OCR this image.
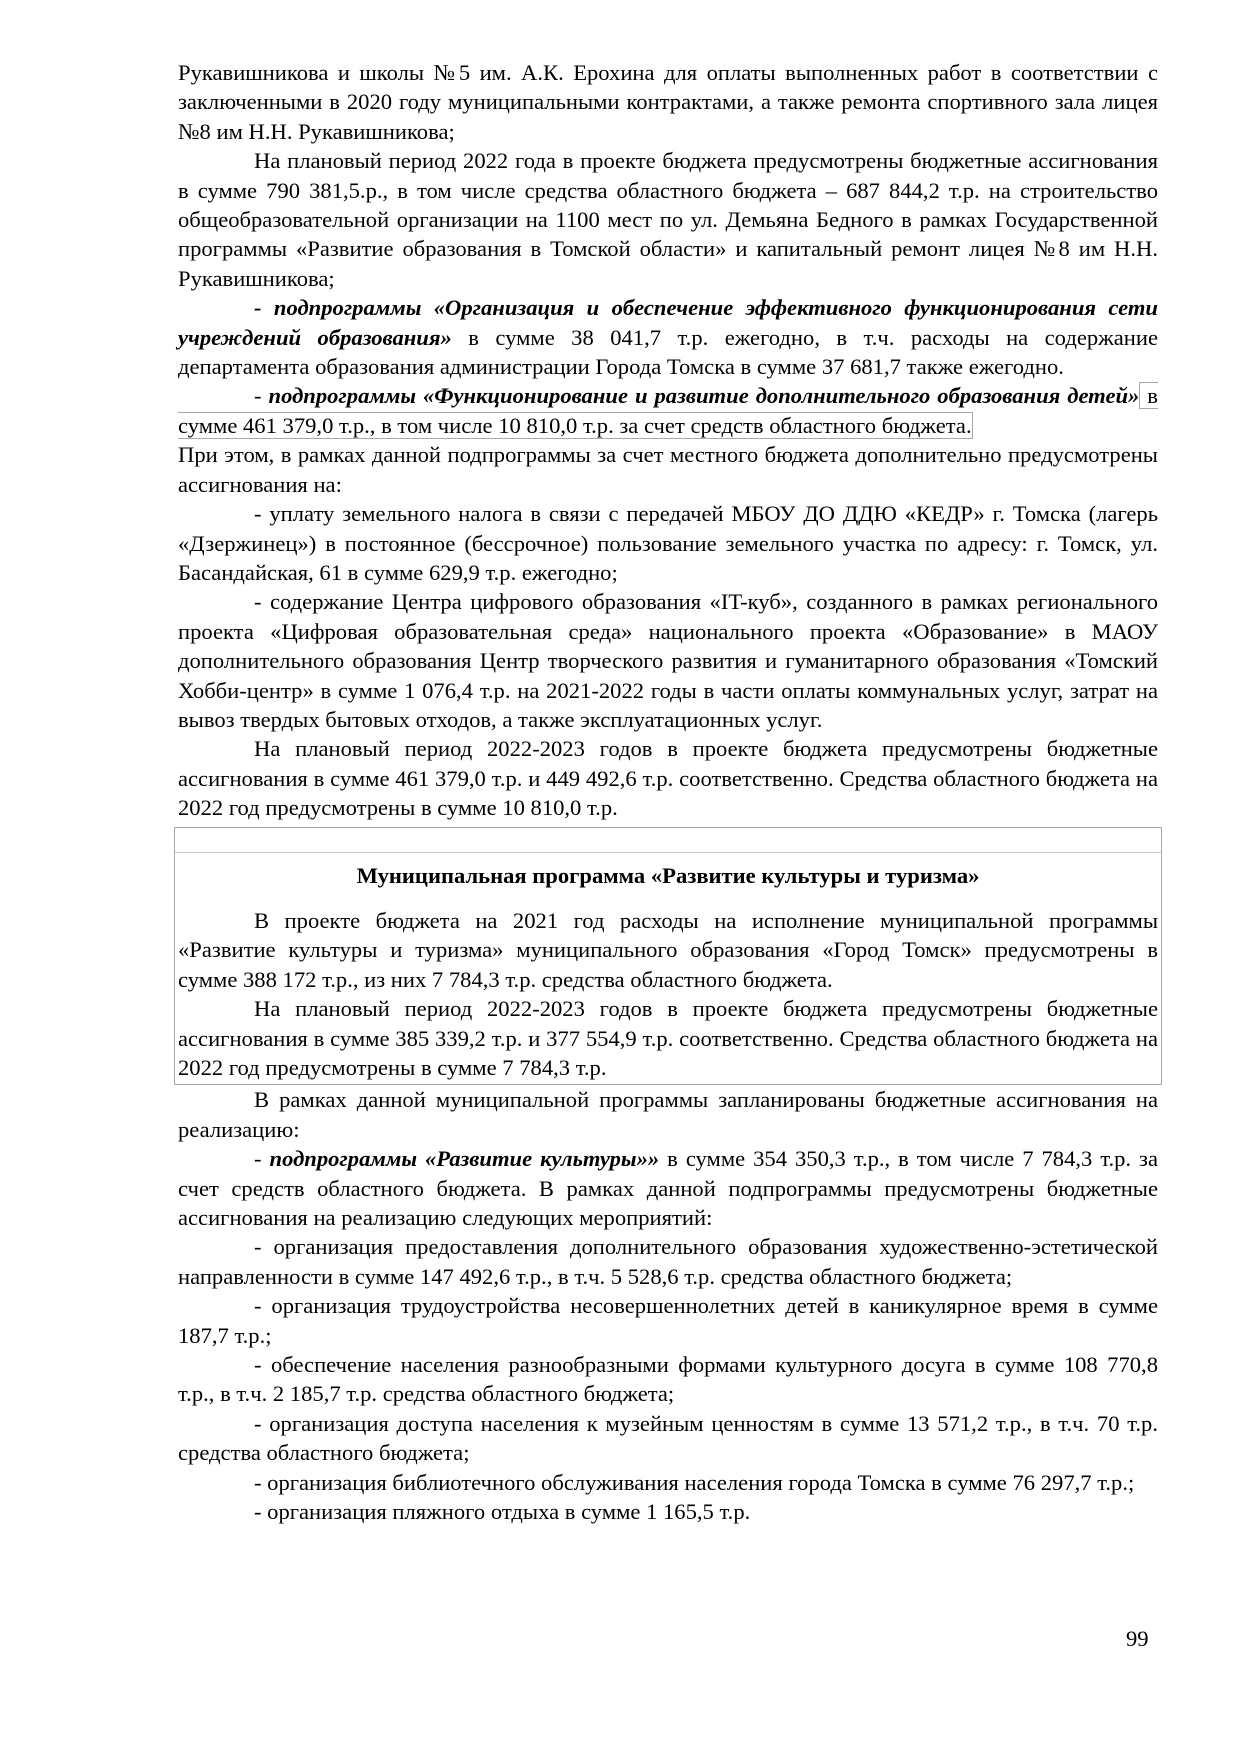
Рукавишникова и школы №5 им. А.К. Ерохина для оплаты выполненных работ в соответствии с заключенными в 2020 году муниципальными контрактами, а также ремонта спортивного зала лицея №8 им Н.Н. Рукавишникова;

На плановый период 2022 года в проекте бюджета предусмотрены бюджетные ассигнования в сумме 790 381,5.р., в том числе средства областного бюджета – 687 844,2 т.р. на строительство общеобразовательной организации на 1100 мест по ул. Демьяна Бедного в рамках Государственной программы «Развитие образования в Томской области» и капитальный ремонт лицея №8 им Н.Н. Рукавишникова;

- подпрограммы «Организация и обеспечение эффективного функционирования сети учреждений образования» в сумме 38 041,7 т.р. ежегодно, в т.ч. расходы на содержание департамента образования администрации Города Томска в сумме 37 681,7 также ежегодно.

- подпрограммы «Функционирование и развитие дополнительного образования детей» в сумме 461 379,0 т.р., в том числе 10 810,0 т.р. за счет средств областного бюджета.

При этом, в рамках данной подпрограммы за счет местного бюджета дополнительно предусмотрены ассигнования на:

- уплату земельного налога в связи с передачей МБОУ ДО ДДЮ «КЕДР» г. Томска (лагерь «Дзержинец») в постоянное (бессрочное) пользование земельного участка по адресу: г. Томск, ул. Басандайская, 61 в сумме 629,9 т.р. ежегодно;

- содержание Центра цифрового образования «IT-куб», созданного в рамках регионального проекта «Цифровая образовательная среда» национального проекта «Образование» в МАОУ дополнительного образования Центр творческого развития и гуманитарного образования «Томский Хобби-центр» в сумме 1 076,4 т.р. на 2021-2022 годы в части оплаты коммунальных услуг, затрат на вывоз твердых бытовых отходов, а также эксплуатационных услуг.

На плановый период 2022-2023 годов в проекте бюджета предусмотрены бюджетные ассигнования в сумме 461 379,0 т.р. и 449 492,6 т.р. соответственно. Средства областного бюджета на 2022 год предусмотрены в сумме 10 810,0 т.р.

Муниципальная программа «Развитие культуры и туризма»

В проекте бюджета на 2021 год расходы на исполнение муниципальной программы «Развитие культуры и туризма» муниципального образования «Город Томск» предусмотрены в сумме 388 172 т.р., из них 7 784,3 т.р. средства областного бюджета.

На плановый период 2022-2023 годов в проекте бюджета предусмотрены бюджетные ассигнования в сумме 385 339,2 т.р. и 377 554,9 т.р. соответственно. Средства областного бюджета на 2022 год предусмотрены в сумме 7 784,3 т.р.

В рамках данной муниципальной программы запланированы бюджетные ассигнования на реализацию:

- подпрограммы «Развитие культуры»» в сумме 354 350,3 т.р., в том числе 7 784,3 т.р. за счет средств областного бюджета. В рамках данной подпрограммы предусмотрены бюджетные ассигнования на реализацию следующих мероприятий:

- организация предоставления дополнительного образования художественно-эстетической направленности в сумме 147 492,6 т.р., в т.ч. 5 528,6 т.р. средства областного бюджета;

- организация трудоустройства несовершеннолетних детей в каникулярное время в сумме 187,7 т.р.;

- обеспечение населения разнообразными формами культурного досуга в сумме 108 770,8 т.р., в т.ч. 2 185,7 т.р. средства областного бюджета;

- организация доступа населения к музейным ценностям в сумме 13 571,2 т.р., в т.ч. 70 т.р. средства областного бюджета;

- организация библиотечного обслуживания населения города Томска в сумме 76 297,7 т.р.;

- организация пляжного отдыха в сумме 1 165,5 т.р.

99
